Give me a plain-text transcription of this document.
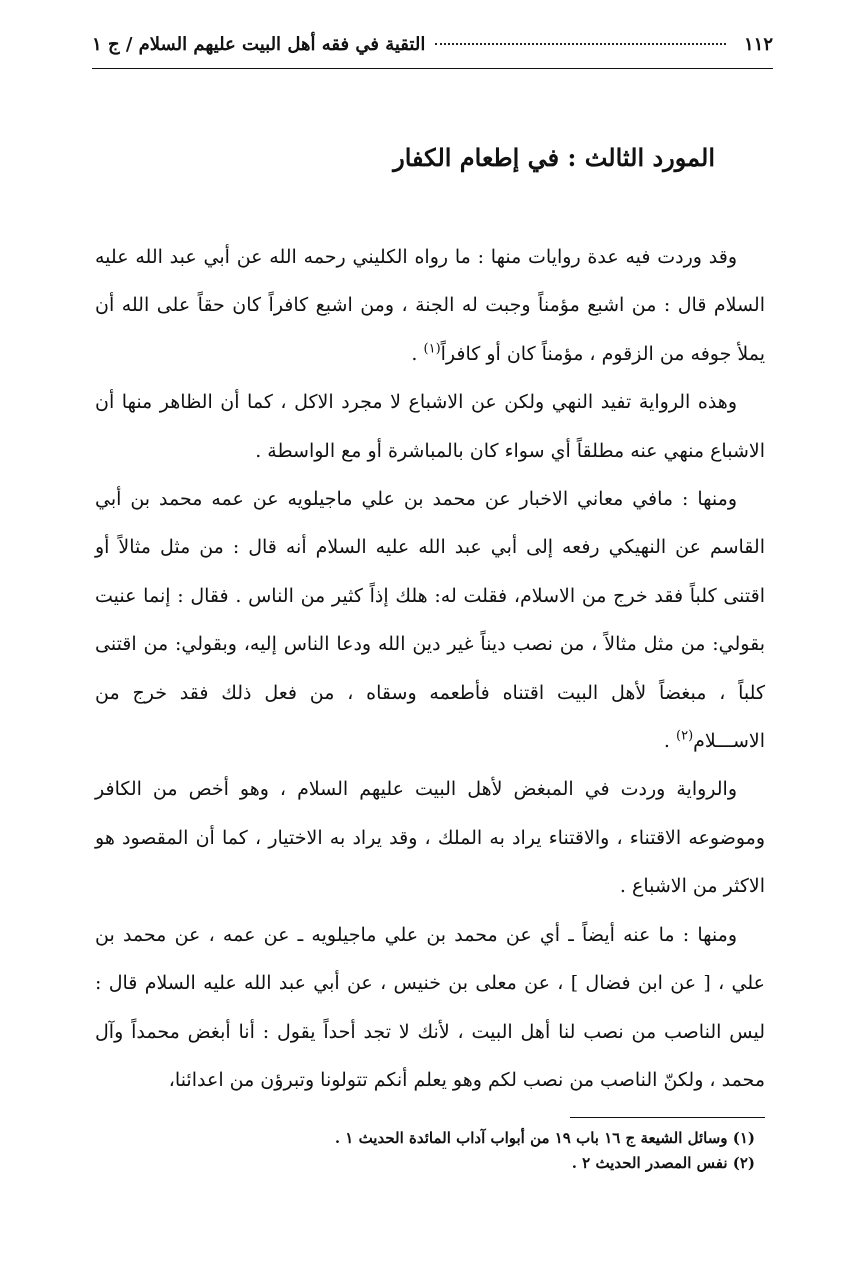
١١٢
التقية في فقه أهل البيت عليهم السلام / ج ١
المورد الثالث : في إطعام الكفار

وقد وردت فيه عدة روايات منها : ما رواه الكليني رحمه الله عن أبي عبد الله عليه السلام قال : من اشبع مؤمناً وجبت له الجنة ، ومن اشبع كافراً كان حقاً على الله أن يملأ جوفه من الزقوم ، مؤمناً كان أو كافراً$^{(١)}$ .

وهذه الرواية تفيد النهي ولكن عن الاشباع لا مجرد الاكل ، كما أن الظاهر منها أن الاشباع منهي عنه مطلقاً أي سواء كان بالمباشرة أو مع الواسطة .

ومنها : مافي معاني الاخبار عن محمد بن علي ماجيلويه عن عمه محمد بن أبي القاسم عن النهيكي رفعه إلى أبي عبد الله عليه السلام أنه قال : من مثل مثالاً أو اقتنى كلباً فقد خرج من الاسلام، فقلت له: هلك إذاً كثير من الناس . فقال : إنما عنيت بقولي: من مثل مثالاً ، من نصب ديناً غير دين الله ودعا الناس إليه، وبقولي: من اقتنى كلباً ، مبغضاً لأهل البيت اقتناه فأطعمه وسقاه ، من فعل ذلك فقد خرج من الاســـلام$^{(٢)}$ .

والرواية وردت في المبغض لأهل البيت عليهم السلام ، وهو أخص من الكافر وموضوعه الاقتناء ، والاقتناء يراد به الملك ، وقد يراد به الاختيار ، كما أن المقصود هو الاكثر من الاشباع .

ومنها : ما عنه أيضاً ـ أي عن محمد بن علي ماجيلويه ـ عن عمه ، عن محمد بن علي ، [ عن ابن فضال ] ، عن معلى بن خنيس ، عن أبي عبد الله عليه السلام قال : ليس الناصب من نصب لنا أهل البيت ، لأنك لا تجد أحداً يقول : أنا أبغض محمداً وآل محمد ، ولكنّ الناصب من نصب لكم وهو يعلم أنكم تتولونا وتبرؤن من اعدائنا،

(١) وسائل الشيعة ج ١٦ باب ١٩ من أبواب آداب المائدة الحديث ١ .

(٢) نفس المصدر الحديث ٢ .
